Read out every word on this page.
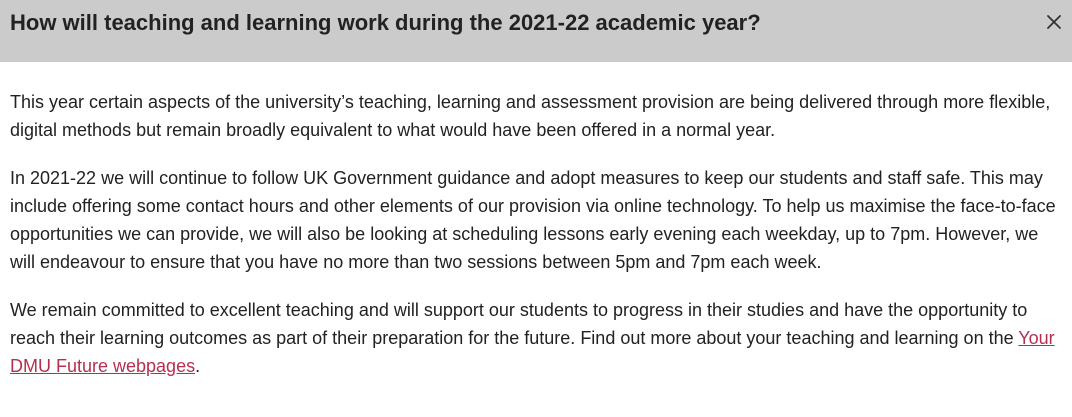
How will teaching and learning work during the 2021-22 academic year?

This year certain aspects of the university’s teaching, learning and assessment provision are being delivered through more flexible, digital methods but remain broadly equivalent to what would have been offered in a normal year.

In 2021-22 we will continue to follow UK Government guidance and adopt measures to keep our students and staff safe. This may include offering some contact hours and other elements of our provision via online technology. To help us maximise the face-to-face opportunities we can provide, we will also be looking at scheduling lessons early evening each weekday, up to 7pm. However, we will endeavour to ensure that you have no more than two sessions between 5pm and 7pm each week.

We remain committed to excellent teaching and will support our students to progress in their studies and have the opportunity to reach their learning outcomes as part of their preparation for the future. Find out more about your teaching and learning on the Your DMU Future webpages.
